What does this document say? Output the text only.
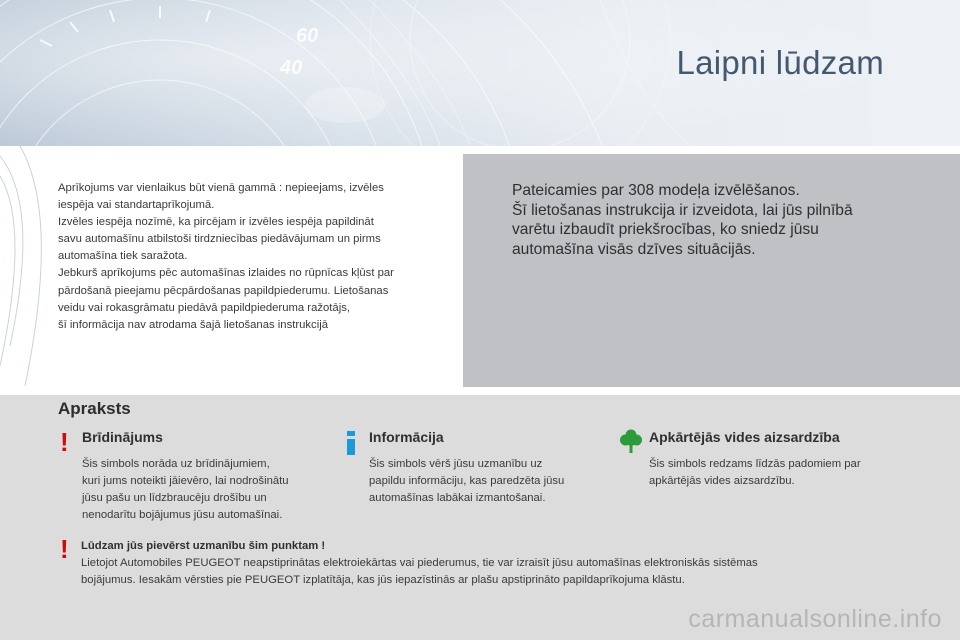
60
40	Laipni lūdzam

Aprīkojums var vienlaikus būt vienā gammā : nepieejams, izvēles

iespēja vai standartaprīkojumā.

Izvēles iespēja nozīmē, ka pircējam ir izvēles iespēja papildināt

savu automašīnu atbilstoši tirdzniecības piedāvājumam un pirms

automašīna tiek saražota.

Jebkurš aprīkojums pēc automašīnas izlaides no rūpnīcas kļūst par

pārdošanā pieejamu pēcpārdošanas papildpiederumu. Lietošanas

veidu vai rokasgrāmatu piedāvā papildpiederuma ražotājs,

šī informācija nav atrodama šajā lietošanas instrukcijā

Pateicamies par 308 modeļa izvēlēšanos.

Šī lietošanas instrukcija ir izveidota, lai jūs pilnībā

varētu izbaudīt priekšrocības, ko sniedz jūsu

automašīna visās dzīves situācijās.

Apraksts
! Brīdinājums

Šis simbols norāda uz brīdinājumiem,

kuri jums noteikti jāievēro, lai nodrošinātu

jūsu pašu un līdzbraucēju drošību un

nenodarītu bojājumus jūsu automašīnai.

Informācija

Šis simbols vērš jūsu uzmanību uz

papildu informāciju, kas paredzēta jūsu

automašīnas labākai izmantošanai.

Apkārtējās vides aizsardzība

Šis simbols redzams līdzās padomiem par

apkārtējās vides aizsardzību.

! Lūdzam jūs pievērst uzmanību šim punktam !

Lietojot Automobiles PEUGEOT neapstiprinātas elektroiekārtas vai piederumus, tie var izraisīt jūsu automašīnas elektroniskās sistēmas

bojājumus. Iesakām vērsties pie PEUGEOT izplatītāja, kas jūs iepazīstinās ar plašu apstiprināto papildaprīkojuma klāstu.

carmanualsonline.info
